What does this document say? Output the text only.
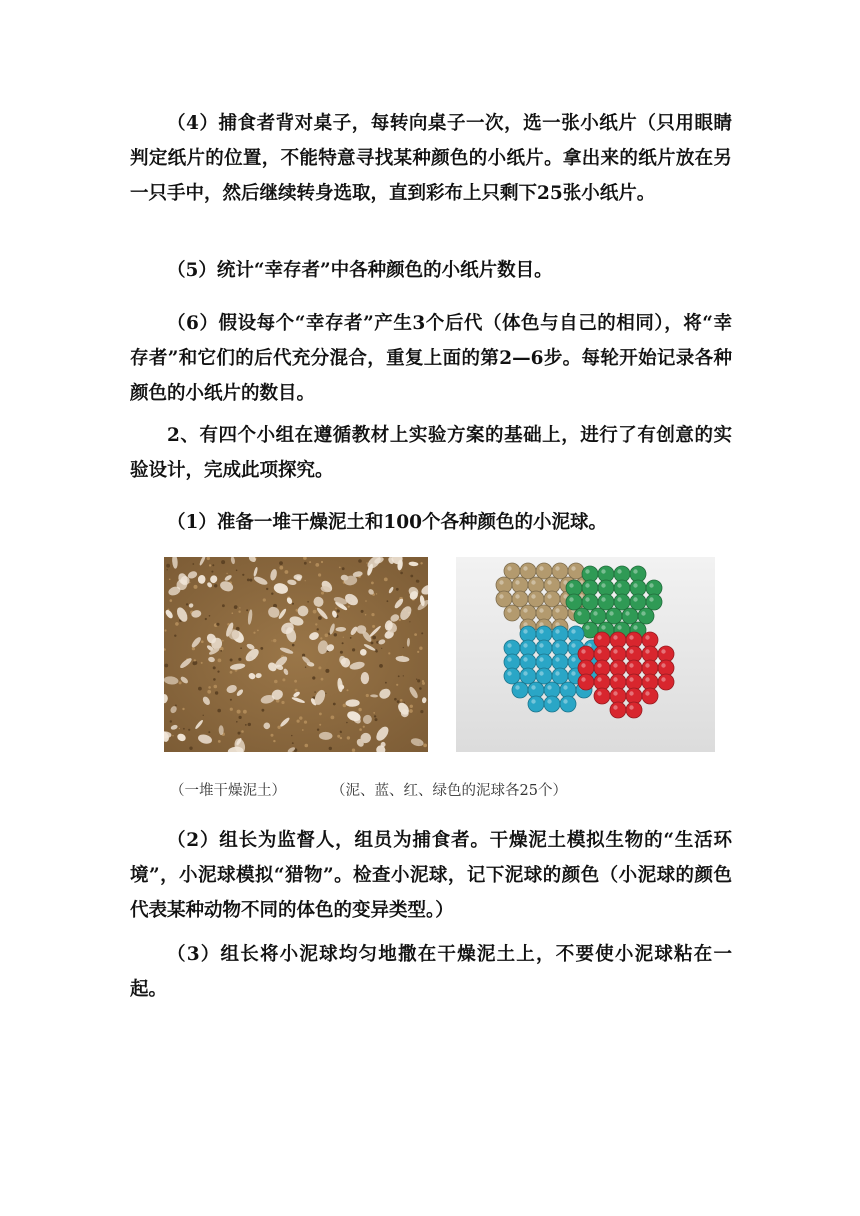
（4）捕食者背对桌子，每转向桌子一次，选一张小纸片（只用眼睛判定纸片的位置，不能特意寻找某种颜色的小纸片。拿出来的纸片放在另一只手中，然后继续转身选取，直到彩布上只剩下25张小纸片。

（5）统计“幸存者”中各种颜色的小纸片数目。

（6）假设每个“幸存者”产生3个后代（体色与自己的相同），将“幸存者”和它们的后代充分混合，重复上面的第2—6步。每轮开始记录各种颜色的小纸片的数目。

2、有四个小组在遵循教材上实验方案的基础上，进行了有创意的实验设计，完成此项探究。

（1）准备一堆干燥泥土和100个各种颜色的小泥球。

（一堆干燥泥土）	（泥、蓝、红、绿色的泥球各25个）

（2）组长为监督人，组员为捕食者。干燥泥土模拟生物的“生活环境”，小泥球模拟“猎物”。检查小泥球，记下泥球的颜色（小泥球的颜色代表某种动物不同的体色的变异类型。）

（3）组长将小泥球均匀地撒在干燥泥土上，不要使小泥球粘在一起。
